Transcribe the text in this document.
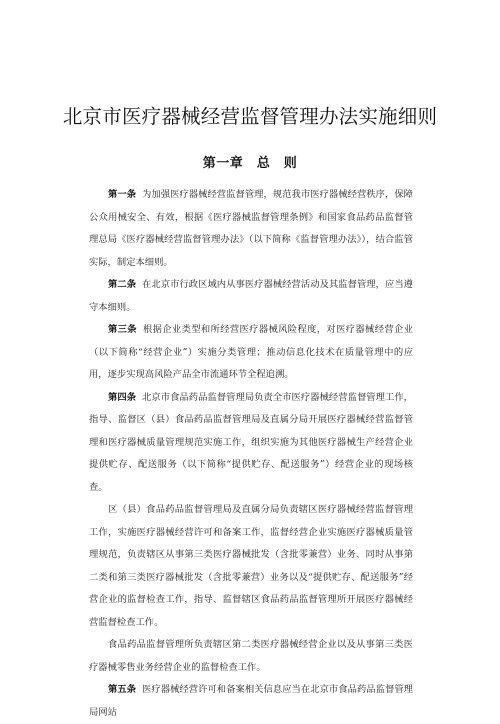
北京市医疗器械经营监督管理办法实施细则
第一章　总　则

第一条 为加强医疗器械经营监督管理，规范我市医疗器械经营秩序，保障公众用械安全、有效，根据《医疗器械监督管理条例》和国家食品药品监督管理总局《医疗器械经营监督管理办法》（以下简称《监督管理办法》），结合监管实际，制定本细则。

第二条 在北京市行政区域内从事医疗器械经营活动及其监督管理，应当遵守本细则。

第三条 根据企业类型和所经营医疗器械风险程度，对医疗器械经营企业（以下简称“经营企业”）实施分类管理；推动信息化技术在质量管理中的应用，逐步实现高风险产品全市流通环节全程追溯。

第四条 北京市食品药品监督管理局负责全市医疗器械经营监督管理工作，指导、监督区（县）食品药品监督管理局及直属分局开展医疗器械经营监督管理和医疗器械质量管理规范实施工作，组织实施为其他医疗器械生产经营企业提供贮存、配送服务（以下简称“提供贮存、配送服务”）经营企业的现场核查。

区（县）食品药品监督管理局及直属分局负责辖区医疗器械经营监督管理工作，实施医疗器械经营许可和备案工作，监督经营企业实施医疗器械质量管理规范，负责辖区从事第三类医疗器械批发（含批零兼营）业务、同时从事第二类和第三类医疗器械批发（含批零兼营）业务以及“提供贮存、配送服务”经营企业的监督检查工作，指导、监督辖区食品药品监督管理所开展医疗器械经营监督检查工作。

食品药品监督管理所负责辖区第二类医疗器械经营企业以及从事第三类医疗器械零售业务经营企业的监督检查工作。

第五条 医疗器械经营许可和备案相关信息应当在北京市食品药品监督管理局网站
